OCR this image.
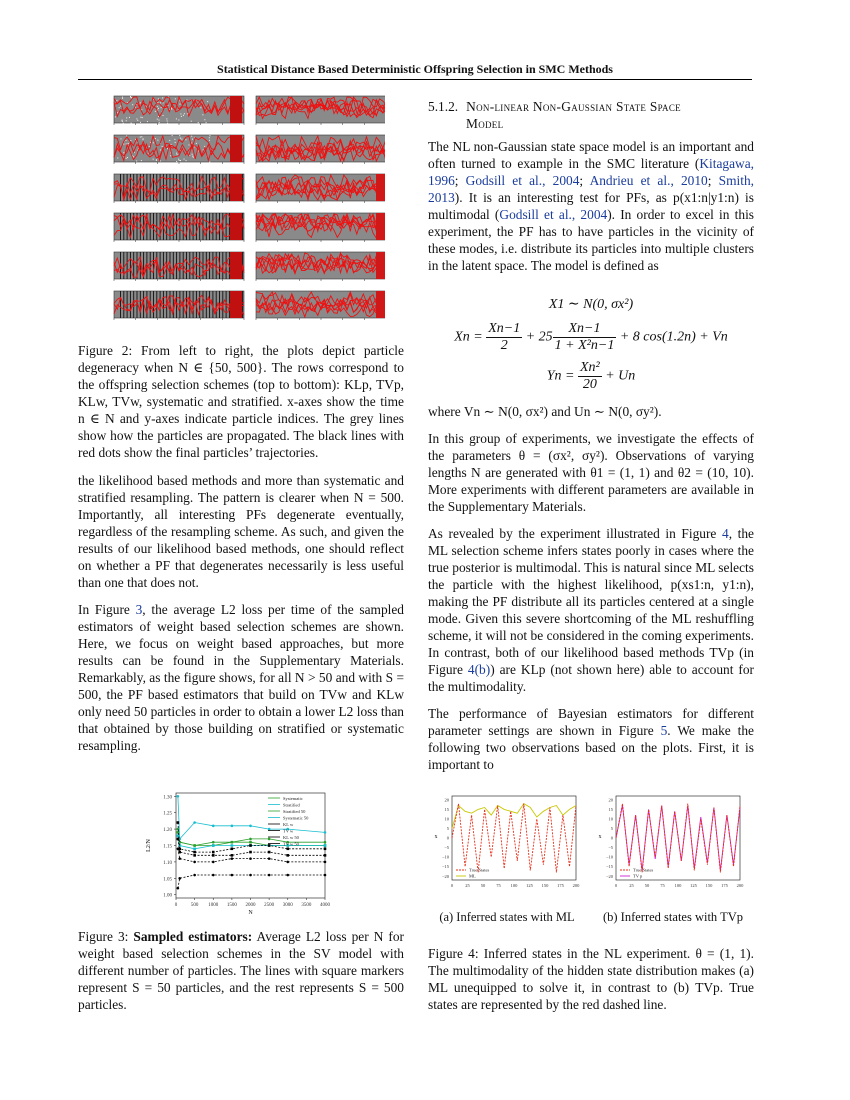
Statistical Distance Based Deterministic Offspring Selection in SMC Methods
Figure 2: From left to right, the plots depict particle degeneracy when N ∈ {50, 500}. The rows correspond to the offspring selection schemes (top to bottom): KLp, TVp, KLw, TVw, systematic and stratified. x-axes show the time n ∈ N and y-axes indicate particle indices. The grey lines show how the particles are propagated. The black lines with red dots show the final particles’ trajectories.

the likelihood based methods and more than systematic and stratified resampling. The pattern is clearer when N = 500. Importantly, all interesting PFs degenerate eventually, regardless of the resampling scheme. As such, and given the results of our likelihood based methods, one should reflect on whether a PF that degenerates necessarily is less useful than one that does not.

In Figure 3, the average L2 loss per time of the sampled estimators of weight based selection schemes are shown. Here, we focus on weight based approaches, but more results can be found in the Supplementary Materials. Remarkably, as the figure shows, for all N > 50 and with S = 500, the PF based estimators that build on TVw and KLw only need 50 particles in order to obtain a lower L2 loss than that obtained by those building on stratified or systematic resampling.

1.00
1.05
1.10
1.15
1.20
1.25
1.30
0	500 1000 1500 2000 2500 3000 3500 4000
N
L2/N
Systematic
Stratified
Stratified 50
Systematic 50
KL w
TV w
KL w 50
TV w 50
Figure 3: Sampled estimators: Average L2 loss per N for weight based selection schemes in the SV model with different number of particles. The lines with square markers represent S = 50 particles, and the rest represents S = 500 particles.
5.1.2. Non-linear Non-Gaussian State Space
Model

The NL non-Gaussian state space model is an important and often turned to example in the SMC literature (Kitagawa, 1996; Godsill et al., 2004; Andrieu et al., 2010; Smith, 2013). It is an interesting test for PFs, as p(x1:n|y1:n) is multimodal (Godsill et al., 2004). In order to excel in this experiment, the PF has to have particles in the vicinity of these modes, i.e. distribute its particles into multiple clusters in the latent space. The model is defined as

X1 ∼ N(0, σx²)
$Xn = \frac{Xn-1}{2} + 25 \frac{Xn-1}{\text{1 + X²n−1}} + 8$ cos(1.2n) + Vn
$Yn = \frac{\text{Xn²}}{20} + Un$

where Vn ∼ N(0, σx²) and Un ∼ N(0, σy²).

In this group of experiments, we investigate the effects of the parameters θ = (σx², σy²). Observations of varying lengths N are generated with θ1 = (1, 1) and θ2 = (10, 10). More experiments with different parameters are available in the Supplementary Materials.

As revealed by the experiment illustrated in Figure 4, the ML selection scheme infers states poorly in cases where the true posterior is multimodal. This is natural since ML selects the particle with the highest likelihood, p(xs1:n, y1:n), making the PF distribute all its particles centered at a single mode. Given this severe shortcoming of the ML reshuffling scheme, it will not be considered in the coming experiments. In contrast, both of our likelihood based methods TVp (in Figure 4(b)) are KLp (not shown here) able to account for the multimodality.

The performance of Bayesian estimators for different parameter settings are shown in Figure 5. We make the following two observations based on the plots. First, it is important to

−20
−15
−10
−5
0
5
10
15
20
0	25 50 75 100 125 150 175 200
x
True States
ML	−20
−15
−10
−5
0
5
10
15
20
0	25 50 75 100 125 150 175 200
x
True States
TV p
(a) Inferred states with ML	(b) Inferred states with TVp
Figure 4: Inferred states in the NL experiment. θ = (1, 1). The multimodality of the hidden state distribution makes (a) ML unequipped to solve it, in contrast to (b) TVp. True states are represented by the red dashed line.
